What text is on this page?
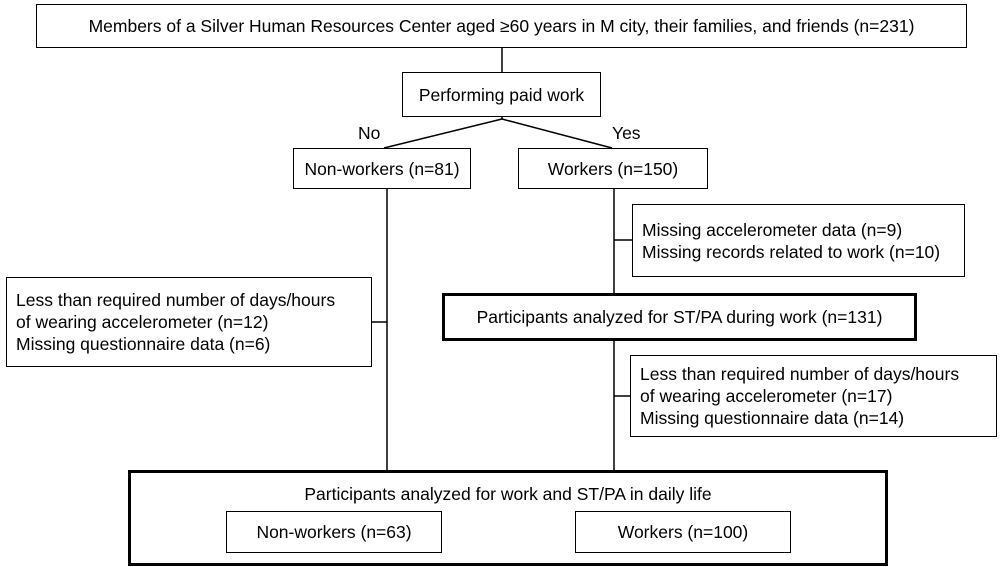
Members of a Silver Human Resources Center aged ≥60 years in M city, their families, and friends (n=231)
Performing paid work
No	Yes
Non-workers (n=81)	Workers (n=150)
Missing accelerometer data (n=9)
Missing records related to work (n=10)
Less than required number of days/hours
of wearing accelerometer (n=12)
Missing questionnaire data (n=6)
Participants analyzed for ST/PA during work (n=131)
Less than required number of days/hours
of wearing accelerometer (n=17)
Missing questionnaire data (n=14)
Participants analyzed for work and ST/PA in daily life
Non-workers (n=63)	Workers (n=100)
